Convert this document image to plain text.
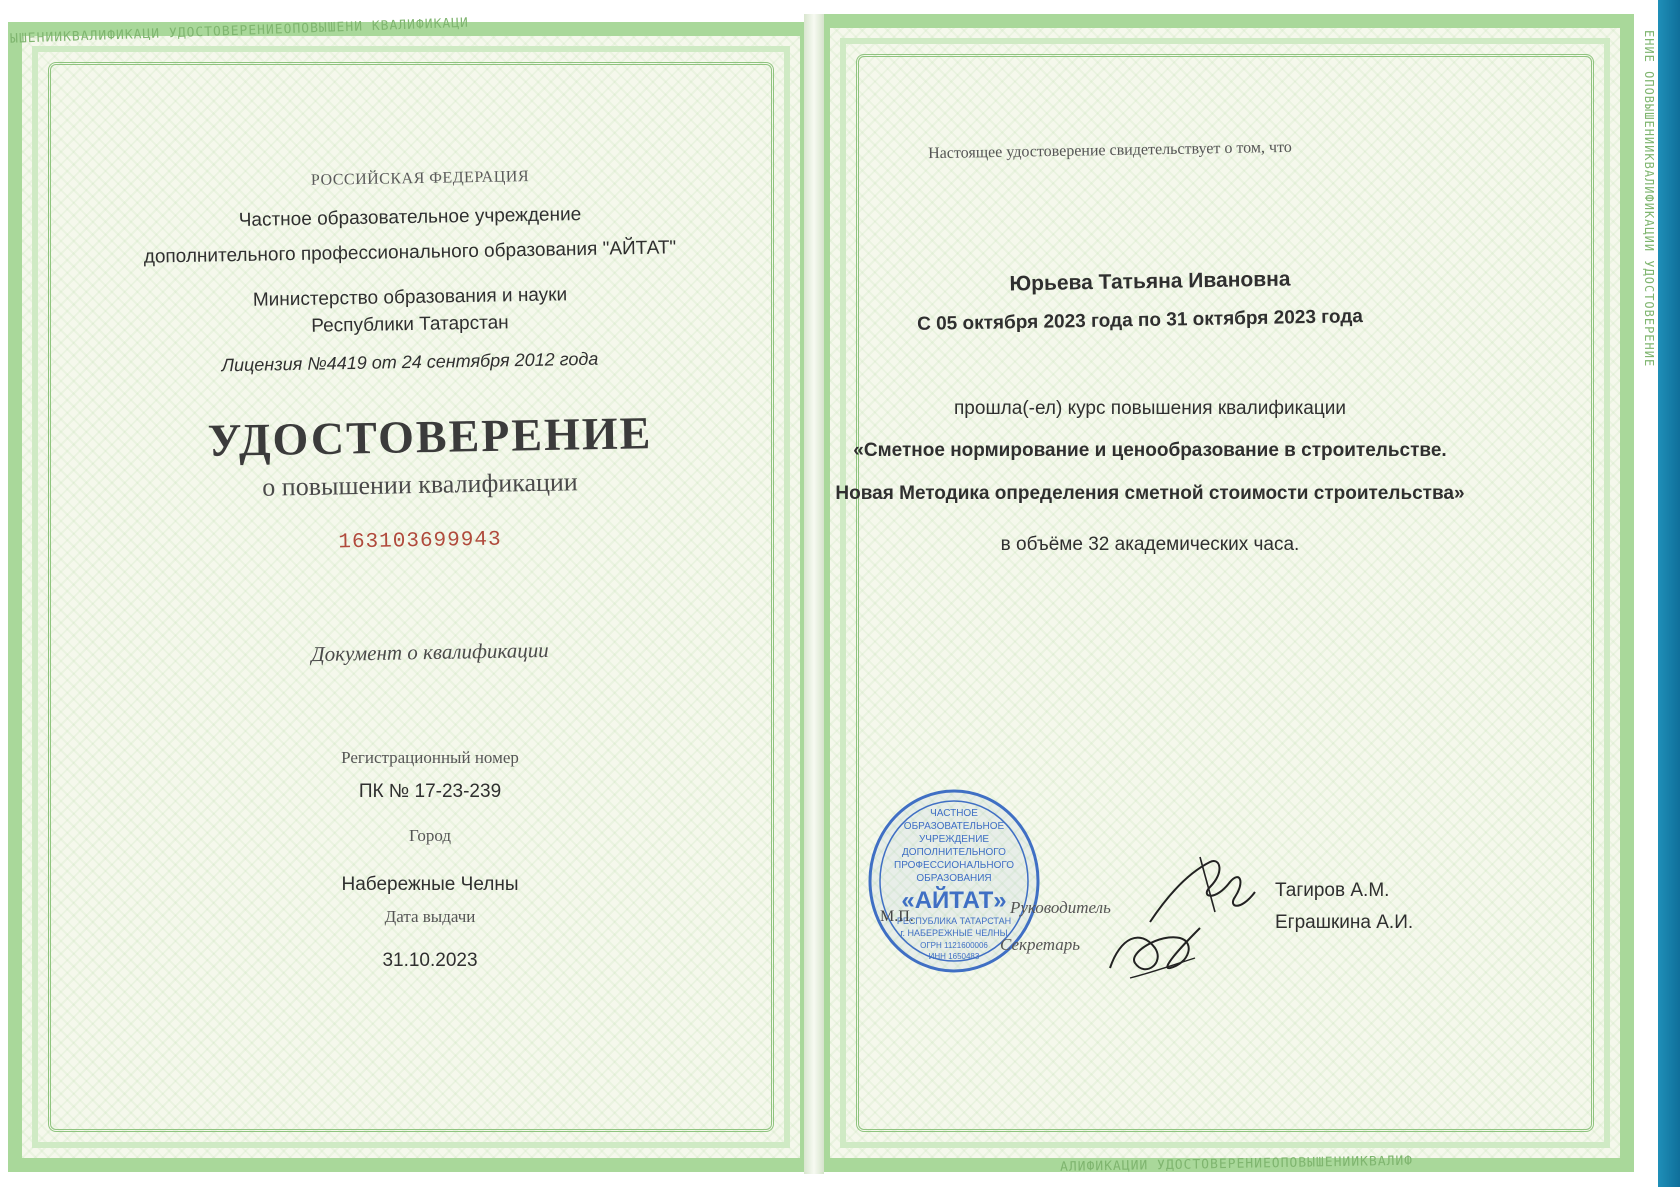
ЫШЕНИИКВАЛИФИКАЦИ УДОСТОВЕРЕНИЕОПОВЫШЕНИ КВАЛИФИКАЦИ
АЛИФИКАЦИИ УДОСТОВЕРЕНИЕОПОВЫШЕНИИКВАЛИФ
ЕНИЕ ОПОВЫШЕНИИКВАЛИФИКАЦИИ УДОСТОВЕРЕНИЕ
РОССИЙСКАЯ ФЕДЕРАЦИЯ
Частное образовательное учреждение
дополнительного профессионального образования "АЙТАТ"
Министерство образования и науки
Республики Татарстан
Лицензия №4419 от 24 сентября 2012 года
УДОСТОВЕРЕНИЕ
о повышении квалификации
163103699943
Документ о квалификации
Регистрационный номер
ПК № 17-23-239
Город
Набережные Челны
Дата выдачи
31.10.2023
Настоящее удостоверение свидетельствует о том, что
Юрьева Татьяна Ивановна
С 05 октября 2023 года по 31 октября 2023 года
прошла(-ел) курс повышения квалификации
«Сметное нормирование и ценообразование в строительстве.
Новая Методика определения сметной стоимости строительства»
в объёме 32 академических часа.
ЧАСТНОЕ
ОБРАЗОВАТЕЛЬНОЕ
УЧРЕЖДЕНИЕ
ДОПОЛНИТЕЛЬНОГО
ПРОФЕССИОНАЛЬНОГО
ОБРАЗОВАНИЯ
«АЙТАТ»
РЕСПУБЛИКА ТАТАРСТАН
г. НАБЕРЕЖНЫЕ ЧЕЛНЫ
ОГРН 1121600006
ИНН 1650483
М.П.	Руководитель
Секретарь
Тагиров А.М.
Еграшкина А.И.
